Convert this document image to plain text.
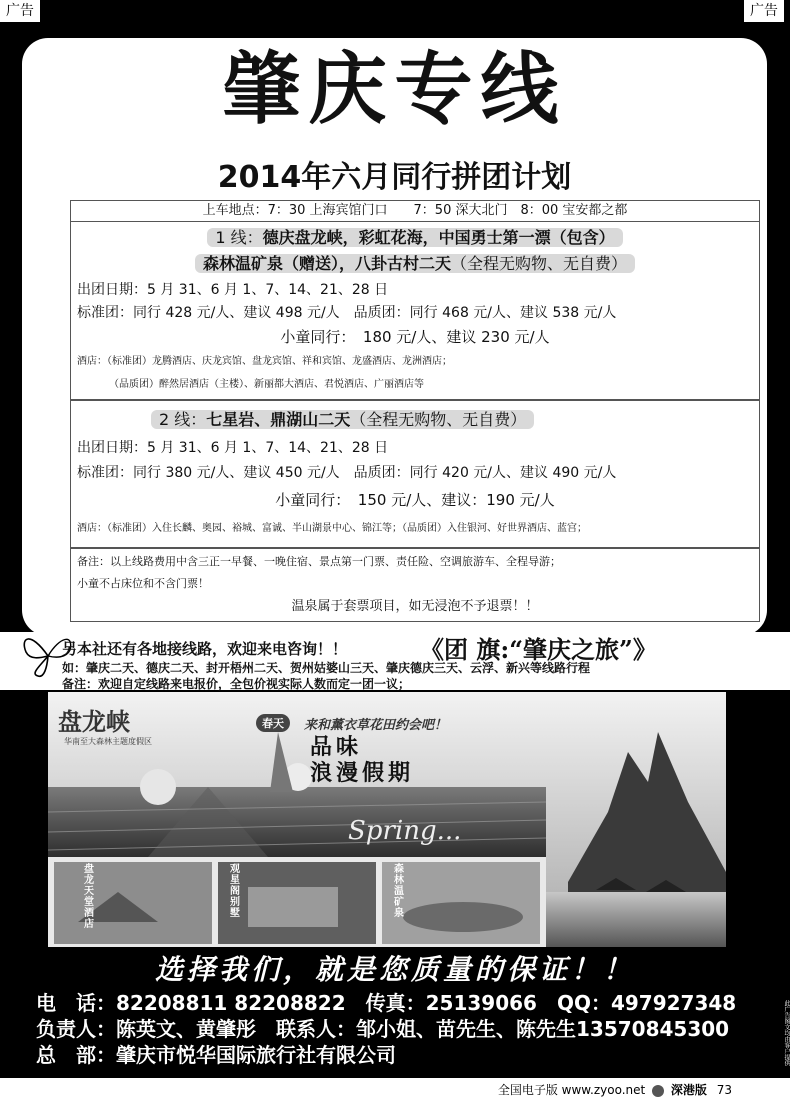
广告	广告
肇庆专线
2014年六月同行拼团计划
上车地点：7：30 上海宾馆门口　　7：50 深大北门　8：00 宝安都之都
1 线：德庆盘龙峡，彩虹花海，中国勇士第一漂（包含）
森林温矿泉（赠送），八卦古村二天（全程无购物、无自费）
出团日期：5 月 31、6 月 1、7、14、21、28 日
标准团：同行 428 元/人、建议 498 元/人　品质团：同行 468 元/人、建议 538 元/人
小童同行：　180 元/人、建议 230 元/人
酒店：（标准团）龙腾酒店、庆龙宾馆、盘龙宾馆、祥和宾馆、龙盛酒店、龙洲酒店；
（品质团）醉然居酒店（主楼）、新丽都大酒店、君悦酒店、广丽酒店等
2 线：七星岩、鼎湖山二天（全程无购物、无自费）
出团日期：5 月 31、6 月 1、7、14、21、28 日
标准团：同行 380 元/人、建议 450 元/人　品质团：同行 420 元/人、建议 490 元/人
小童同行：　150 元/人、建议：190 元/人
酒店：（标准团）入住长麟、奥园、裕城、富诚、半山湖景中心、锦江等；（品质团）入住银河、好世界酒店、蓝宫；
备注：以上线路费用中含三正一早餐、一晚住宿、景点第一门票、责任险、空调旅游车、全程导游；
小童不占床位和不含门票！
温泉属于套票项目，如无浸泡不予退票！！
另本社还有各地接线路，欢迎来电咨询！！	《团 旗:“肇庆之旅”》
如：肇庆二天、德庆二天、封开梧州二天、贺州姑婆山三天、肇庆德庆三天、云浮、新兴等线路行程
备注：欢迎自定线路来电报价，全包价视实际人数而定一团一议；
盘龙峡
华南至大森林主题度假区
春天	来和薰衣草花田约会吧！
品味
浪漫假期
Spring...
盘龙天堂酒店
观星阁别墅
森林温矿泉
选择我们，就是您质量的保证！！
电　话：82208811 82208822　传真：25139066　QQ：497927348
负责人：陈英文、黄肇彤　联系人：邹小姐、苗先生、陈先生13570845300
总　部：肇庆市悦华国际旅行社有限公司	此广告图文均由客户提供
全国电子版 www.zyoo.net 深港版 73
